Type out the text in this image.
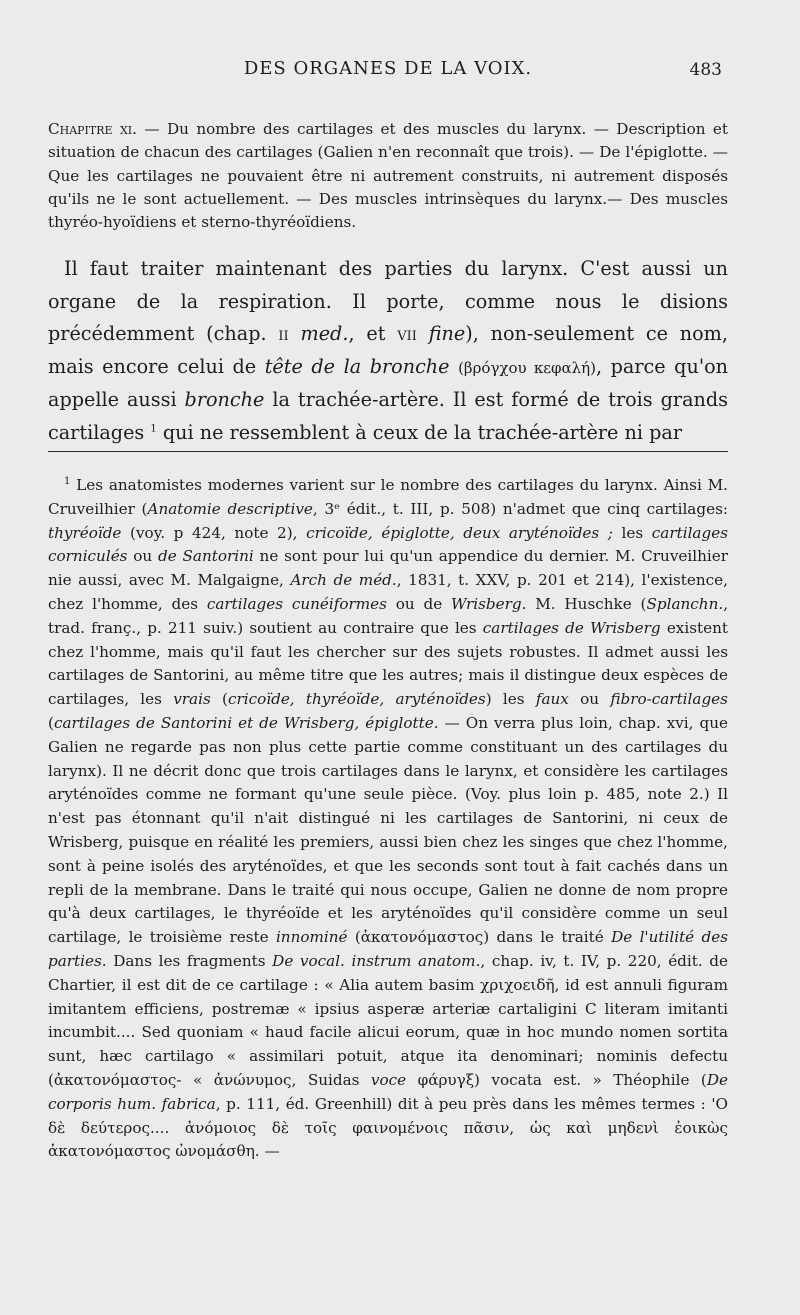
DES ORGANES DE LA VOIX.	483
Chapitre xi. — Du nombre des cartilages et des muscles du larynx. — Description et situation de chacun des cartilages (Galien n'en reconnaît que trois). — De l'épiglotte. — Que les cartilages ne pouvaient être ni autrement construits, ni autrement disposés qu'ils ne le sont actuellement. — Des muscles intrinsèques du larynx.— Des muscles thyréo-hyoïdiens et sterno-thyréoïdiens.
Il faut traiter maintenant des parties du larynx. C'est aussi un organe de la respiration. Il porte, comme nous le disions précédemment (chap. ii med., et vii fine), non-seulement ce nom, mais encore celui de tête de la bronche (βρόγχου κεφαλή), parce qu'on appelle aussi bronche la trachée-artère. Il est formé de trois grands cartilages $^1$ qui ne ressemblent à ceux de la trachée-artère ni par
$^1$ Les anatomistes modernes varient sur le nombre des cartilages du larynx. Ainsi M. Cruveilhier (Anatomie descriptive, 3ᵉ édit., t. III, p. 508) n'admet que cinq cartilages: thyréoïde (voy. p 424, note 2), cricoïde, épiglotte, deux aryténoïdes ; les cartilages corniculés ou de Santorini ne sont pour lui qu'un appendice du dernier. M. Cruveilhier nie aussi, avec M. Malgaigne, Arch de méd., 1831, t. XXV, p. 201 et 214), l'existence, chez l'homme, des cartilages cunéiformes ou de Wrisberg. M. Huschke (Splanchn., trad. franç., p. 211 suiv.) soutient au contraire que les cartilages de Wrisberg existent chez l'homme, mais qu'il faut les chercher sur des sujets robustes. Il admet aussi les cartilages de Santorini, au même titre que les autres; mais il distingue deux espèces de cartilages, les vrais (cricoïde, thyréoïde, aryténoïdes) les faux ou fibro-cartilages (cartilages de Santorini et de Wrisberg, épiglotte. — On verra plus loin, chap. xvi, que Galien ne regarde pas non plus cette partie comme constituant un des cartilages du larynx). Il ne décrit donc que trois cartilages dans le larynx, et considère les cartilages aryténoïdes comme ne formant qu'une seule pièce. (Voy. plus loin p. 485, note 2.) Il n'est pas étonnant qu'il n'ait distingué ni les cartilages de Santorini, ni ceux de Wrisberg, puisque en réalité les premiers, aussi bien chez les singes que chez l'homme, sont à peine isolés des aryténoïdes, et que les seconds sont tout à fait cachés dans un repli de la membrane. Dans le traité qui nous occupe, Galien ne donne de nom propre qu'à deux cartilages, le thyréoïde et les aryténoïdes qu'il considère comme un seul cartilage, le troisième reste innominé (ἀκατονόμαστος) dans le traité De l'utilité des parties. Dans les fragments De vocal. instrum anatom., chap. iv, t. IV, p. 220, édit. de Chartier, il est dit de ce cartilage : « Alia autem basim χριχοειδῆ, id est annuli figuram imitantem efficiens, postremæ « ipsius asperæ arteriæ cartaligini C literam imitanti incumbit.... Sed quoniam « haud facile alicui eorum, quæ in hoc mundo nomen sortita sunt, hæc cartilago « assimilari potuit, atque ita denominari; nominis defectu (ἀκατονόμαστος- « ἀνώνυμος, Suidas voce φάρυγξ) vocata est. » Théophile (De corporis hum. fabrica, p. 111, éd. Greenhill) dit à peu près dans les mêmes termes : 'Ο δὲ δεύτερος.... ἀνόμοιος δὲ τοῖς φαινομένοις πᾶσιν, ὡς καὶ μηδενὶ ἐοικὼς ἀκατονόμαστος ὠνομάσθη. —
